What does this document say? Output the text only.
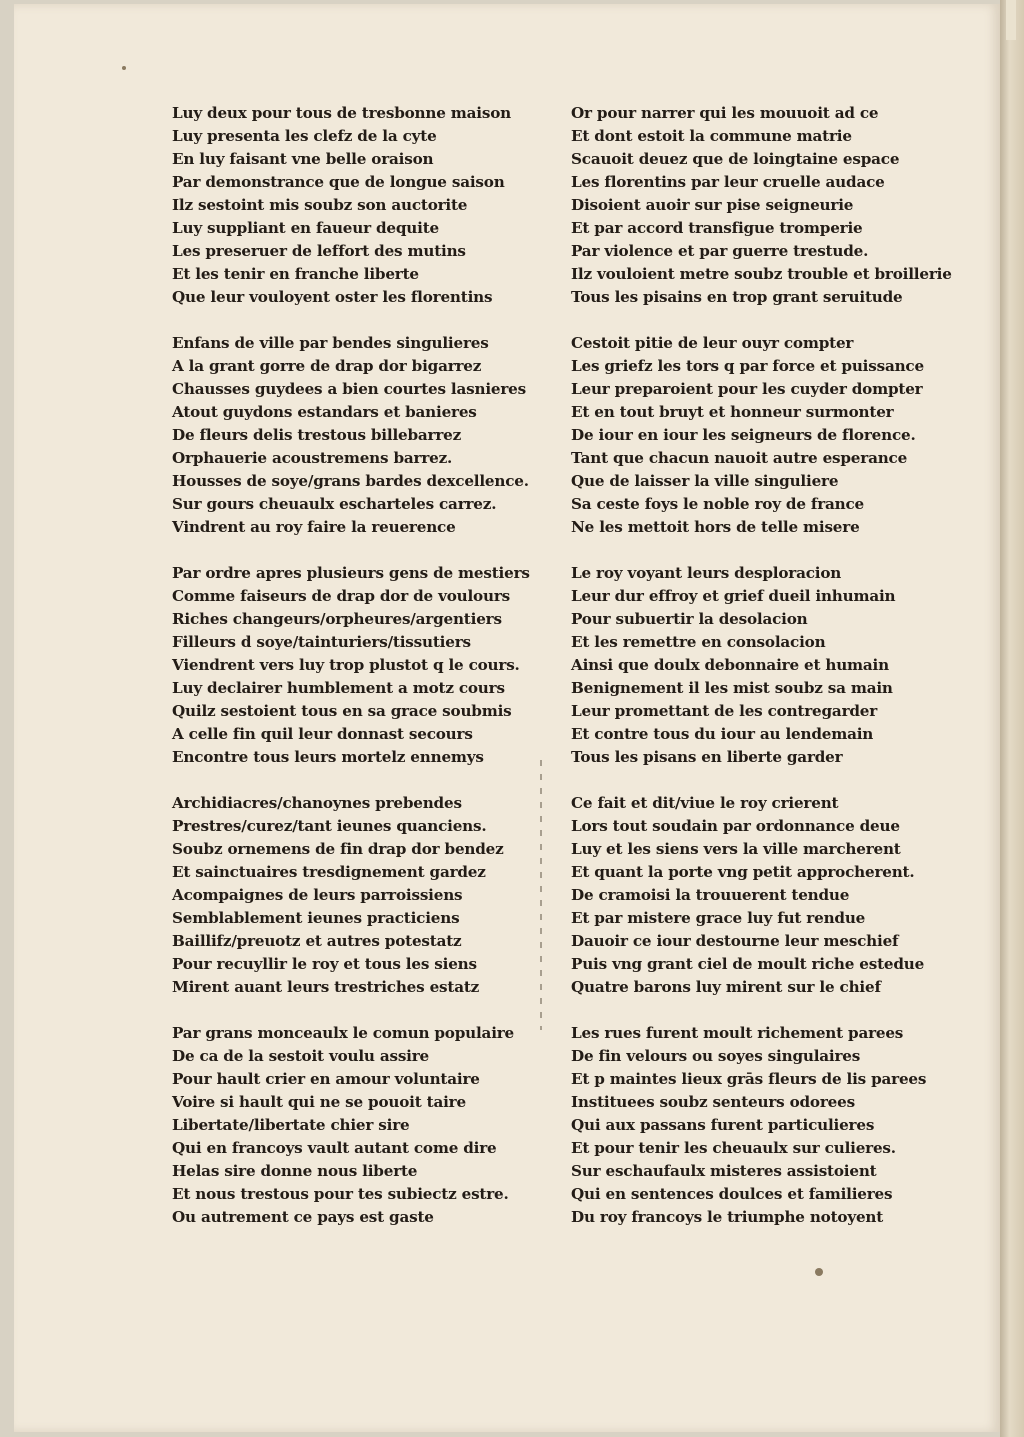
Luy deux pour tous de tresbonne maison
Luy presenta les clefz de la cyte
En luy faisant vne belle oraison
Par demonstrance que de longue saison
Ilz sestoint mis soubz son auctorite
Luy suppliant en faueur dequite
Les preseruer de leffort des mutins
Et les tenir en franche liberte
Que leur vouloyent oster les florentins
Enfans de ville par bendes singulieres
A la grant gorre de drap dor bigarrez
Chausses guydees a bien courtes lasnieres
Atout guydons estandars et banieres
De fleurs delis trestous billebarrez
Orphauerie acoustremens barrez.
Housses de soye/grans bardes dexcellence.
Sur gours cheuaulx escharteles carrez.
Vindrent au roy faire la reuerence
Par ordre apres plusieurs gens de mestiers
Comme faiseurs de drap dor de voulours
Riches changeurs/orpheures/argentiers
Filleurs d soye/tainturiers/tissutiers
Viendrent vers luy trop plustot q le cours.
Luy declairer humblement a motz cours
Quilz sestoient tous en sa grace soubmis
A celle fin quil leur donnast secours
Encontre tous leurs mortelz ennemys
Archidiacres/chanoynes prebendes
Prestres/curez/tant ieunes quanciens.
Soubz ornemens de fin drap dor bendez
Et sainctuaires tresdignement gardez
Acompaignes de leurs parroissiens
Semblablement ieunes practiciens
Baillifz/preuotz et autres potestatz
Pour recuyllir le roy et tous les siens
Mirent auant leurs trestriches estatz
Par grans monceaulx le comun populaire
De ca de la sestoit voulu assire
Pour hault crier en amour voluntaire
Voire si hault qui ne se pouoit taire
Libertate/libertate chier sire
Qui en francoys vault autant come dire
Helas sire donne nous liberte
Et nous trestous pour tes subiectz estre.
Ou autrement ce pays est gaste
Or pour narrer qui les mouuoit ad ce
Et dont estoit la commune matrie
Scauoit deuez que de loingtaine espace
Les florentins par leur cruelle audace
Disoient auoir sur pise seigneurie
Et par accord transfigue tromperie
Par violence et par guerre trestude.
Ilz vouloient metre soubz trouble et broillerie
Tous les pisains en trop grant seruitude
Cestoit pitie de leur ouyr compter
Les griefz les tors q par force et puissance
Leur preparoient pour les cuyder dompter
Et en tout bruyt et honneur surmonter
De iour en iour les seigneurs de florence.
Tant que chacun nauoit autre esperance
Que de laisser la ville singuliere
Sa ceste foys le noble roy de france
Ne les mettoit hors de telle misere
Le roy voyant leurs desploracion
Leur dur effroy et grief dueil inhumain
Pour subuertir la desolacion
Et les remettre en consolacion
Ainsi que doulx debonnaire et humain
Benignement il les mist soubz sa main
Leur promettant de les contregarder
Et contre tous du iour au lendemain
Tous les pisans en liberte garder
Ce fait et dit/viue le roy crierent
Lors tout soudain par ordonnance deue
Luy et les siens vers la ville marcherent
Et quant la porte vng petit approcherent.
De cramoisi la trouuerent tendue
Et par mistere grace luy fut rendue
Dauoir ce iour destourne leur meschief
Puis vng grant ciel de moult riche estedue
Quatre barons luy mirent sur le chief
Les rues furent moult richement parees
De fin velours ou soyes singulaires
Et p maintes lieux grās fleurs de lis parees
Instituees soubz senteurs odorees
Qui aux passans furent particulieres
Et pour tenir les cheuaulx sur culieres.
Sur eschaufaulx misteres assistoient
Qui en sentences doulces et familieres
Du roy francoys le triumphe notoyent
